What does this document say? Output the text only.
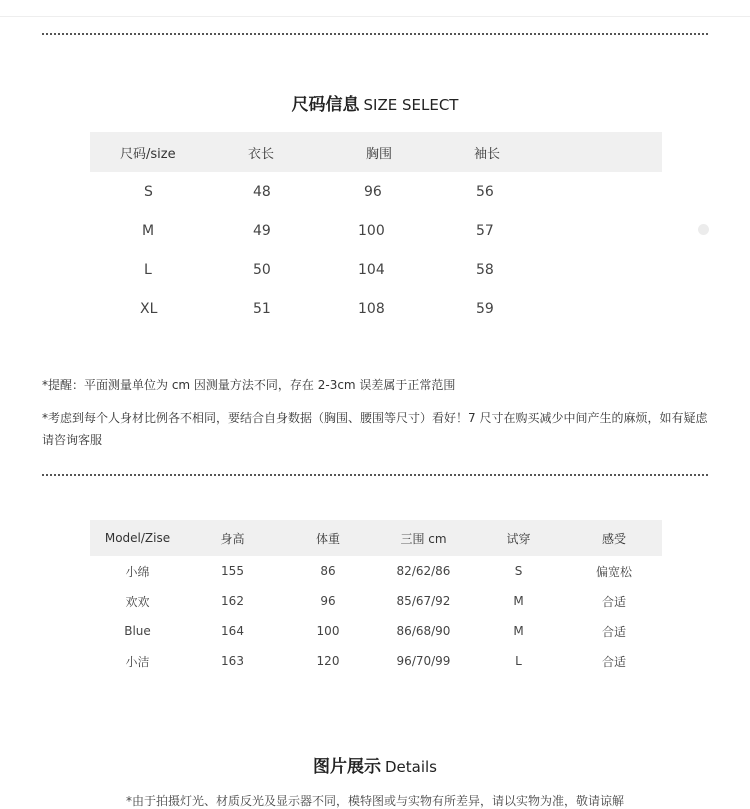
尺码信息 SIZE SELECT
尺码/size	衣长	胸围	袖长
S	48	96	56
M	49	100	57
L	50	104	58
XL	51	108	59
*提醒：平面测量单位为 cm 因测量方法不同，存在 2-3cm 误差属于正常范围
*考虑到每个人身材比例各不相同，要结合自身数据（胸围、腰围等尺寸）看好！7 尺寸在购买减少中间产生的麻烦，如有疑虑请咨询客服
Model/Zise	身高	体重	三围 cm	试穿	感受
小绵	155	86	82/62/86	S	偏宽松
欢欢	162	96	85/67/92	M	合适
Blue	164	100	86/68/90	M	合适
小洁	163	120	96/70/99	L	合适
图片展示 Details
*由于拍摄灯光、材质反光及显示器不同，模特图或与实物有所差异，请以实物为准，敬请谅解
